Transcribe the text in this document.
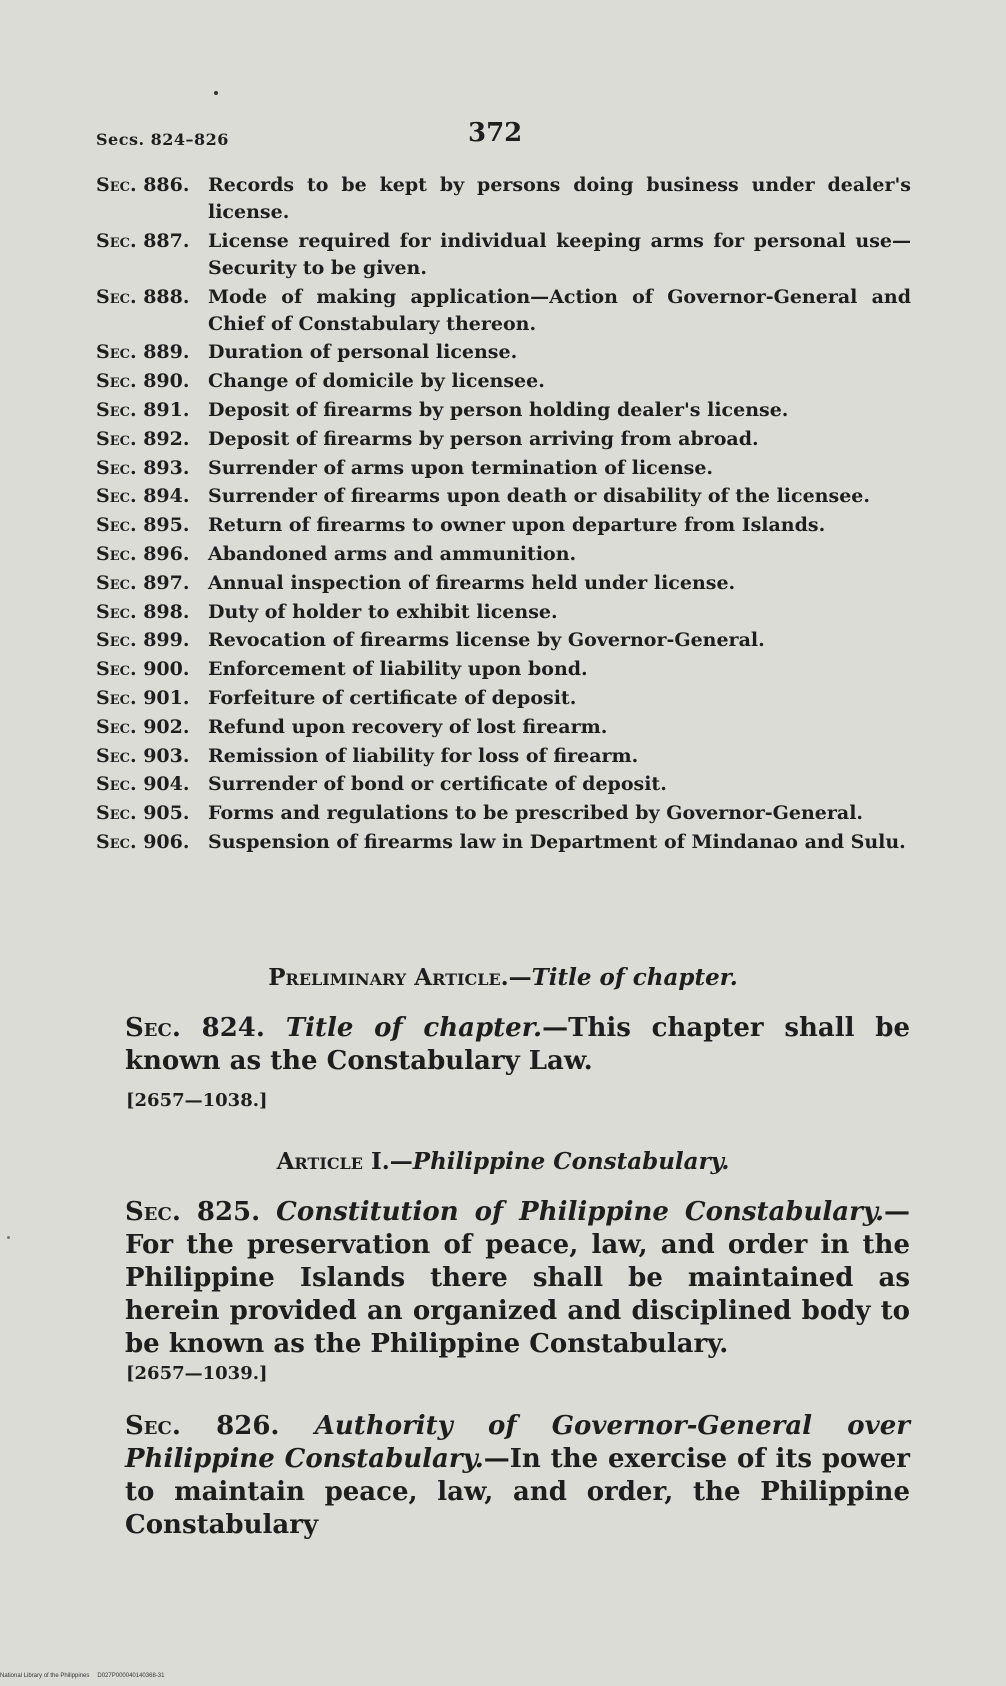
Secs. 824–826	372
Sec. 886. Records to be kept by persons doing business under dealer's license.
Sec. 887. License required for individual keeping arms for personal use—Security to be given.
Sec. 888. Mode of making application—Action of Governor-General and Chief of Constabulary thereon.
Sec. 889. Duration of personal license.
Sec. 890. Change of domicile by licensee.
Sec. 891. Deposit of firearms by person holding dealer's license.
Sec. 892. Deposit of firearms by person arriving from abroad.
Sec. 893. Surrender of arms upon termination of license.
Sec. 894. Surrender of firearms upon death or disability of the licensee.
Sec. 895. Return of firearms to owner upon departure from Islands.
Sec. 896. Abandoned arms and ammunition.
Sec. 897. Annual inspection of firearms held under license.
Sec. 898. Duty of holder to exhibit license.
Sec. 899. Revocation of firearms license by Governor-General.
Sec. 900. Enforcement of liability upon bond.
Sec. 901. Forfeiture of certificate of deposit.
Sec. 902. Refund upon recovery of lost firearm.
Sec. 903. Remission of liability for loss of firearm.
Sec. 904. Surrender of bond or certificate of deposit.
Sec. 905. Forms and regulations to be prescribed by Governor-General.
Sec. 906. Suspension of firearms law in Department of Mindanao and Sulu.
Preliminary Article.—Title of chapter.
Sec. 824. Title of chapter.—This chapter shall be known as the Constabulary Law.
[2657—1038.]
Article I.—Philippine Constabulary.
Sec. 825. Constitution of Philippine Constabulary.— For the preservation of peace, law, and order in the Philippine Islands there shall be maintained as herein provided an organized and disciplined body to be known as the Philippine Constabulary.
[2657—1039.]
Sec. 826. Authority of Governor-General over Philippine Constabulary.—In the exercise of its power to maintain peace, law, and order, the Philippine Constabulary
National Library of the Philippines D027P000040140368-31
